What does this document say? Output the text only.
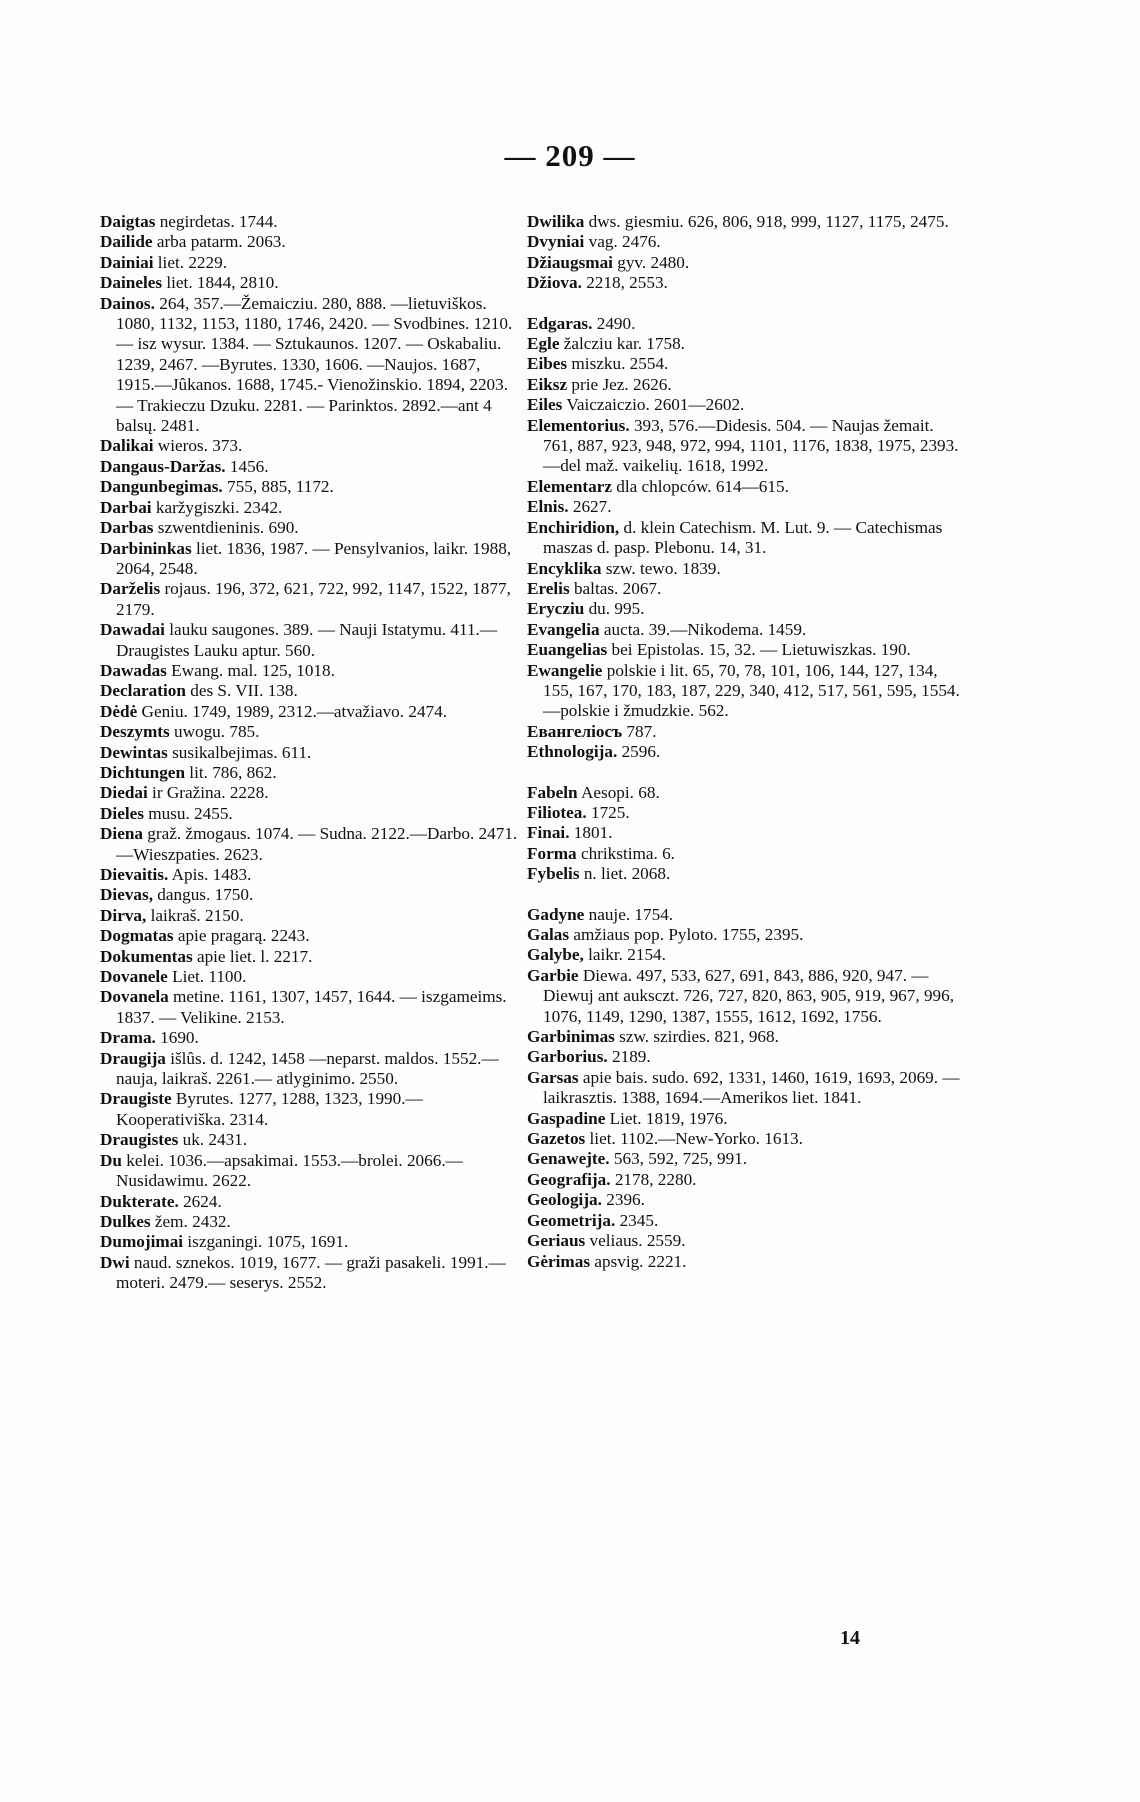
— 209 —

Daigtas negirdetas. 1744.

Dailide arba patarm. 2063.

Dainiai liet. 2229.

Daineles liet. 1844, 2810.

Dainos. 264, 357.—Žemaicziu. 280, 888. —lietuviškos. 1080, 1132, 1153, 1180, 1746, 2420. — Svodbines. 1210. — isz wysur. 1384. — Sztukaunos. 1207. — Oskabaliu. 1239, 2467. —Byrutes. 1330, 1606. —Naujos. 1687, 1915.—Jûkanos. 1688, 1745.- Vienožinskio. 1894, 2203. — Trakieczu Dzuku. 2281. — Parinktos. 2892.—ant 4 balsų. 2481.

Dalikai wieros. 373.

Dangaus-Daržas. 1456.

Dangunbegimas. 755, 885, 1172.

Darbai karžygiszki. 2342.

Darbas szwentdieninis. 690.

Darbininkas liet. 1836, 1987. — Pensylvanios, laikr. 1988, 2064, 2548.

Darželis rojaus. 196, 372, 621, 722, 992, 1147, 1522, 1877, 2179.

Dawadai lauku saugones. 389. — Nauji Istatymu. 411.—Draugistes Lauku aptur. 560.

Dawadas Ewang. mal. 125, 1018.

Declaration des S. VII. 138.

Dėdė Geniu. 1749, 1989, 2312.—atvažiavo. 2474.

Deszymts uwogu. 785.

Dewintas susikalbejimas. 611.

Dichtungen lit. 786, 862.

Diedai ir Gražina. 2228.

Dieles musu. 2455.

Diena graž. žmogaus. 1074. — Sudna. 2122.—Darbo. 2471.—Wieszpaties. 2623.

Dievaitis. Apis. 1483.

Dievas, dangus. 1750.

Dirva, laikraš. 2150.

Dogmatas apie pragarą. 2243.

Dokumentas apie liet. l. 2217.

Dovanele Liet. 1100.

Dovanela metine. 1161, 1307, 1457, 1644. — iszgameims. 1837. — Velikine. 2153.

Drama. 1690.

Draugija išlûs. d. 1242, 1458 —neparst. maldos. 1552.—nauja, laikraš. 2261.— atlyginimo. 2550.

Draugiste Byrutes. 1277, 1288, 1323, 1990.—Kooperativiška. 2314.

Draugistes uk. 2431.

Du kelei. 1036.—apsakimai. 1553.—brolei. 2066.—Nusidawimu. 2622.

Dukterate. 2624.

Dulkes žem. 2432.

Dumojimai iszganingi. 1075, 1691.

Dwi naud. sznekos. 1019, 1677. — graži pasakeli. 1991.— moteri. 2479.— seserys. 2552.

Dwilika dws. giesmiu. 626, 806, 918, 999, 1127, 1175, 2475.

Dvyniai vag. 2476.

Džiaugsmai gyv. 2480.

Džiova. 2218, 2553.

Edgaras. 2490.

Egle žalcziu kar. 1758.

Eibes miszku. 2554.

Eiksz prie Jez. 2626.

Eiles Vaiczaiczio. 2601—2602.

Elementorius. 393, 576.—Didesis. 504. — Naujas žemait. 761, 887, 923, 948, 972, 994, 1101, 1176, 1838, 1975, 2393.—del maž. vaikelių. 1618, 1992.

Elementarz dla chlopców. 614—615.

Elnis. 2627.

Enchiridion, d. klein Catechism. M. Lut. 9. — Catechismas maszas d. pasp. Plebonu. 14, 31.

Encyklika szw. tewo. 1839.

Erelis baltas. 2067.

Erycziu du. 995.

Evangelia aucta. 39.—Nikodema. 1459.

Euangelias bei Epistolas. 15, 32. — Lietuwiszkas. 190.

Ewangelie polskie i lit. 65, 70, 78, 101, 106, 144, 127, 134, 155, 167, 170, 183, 187, 229, 340, 412, 517, 561, 595, 1554.—polskie i žmudzkie. 562.

Евангелiосъ 787.

Ethnologija. 2596.

Fabeln Aesopi. 68.

Filiotea. 1725.

Finai. 1801.

Forma chrikstima. 6.

Fybelis n. liet. 2068.

Gadyne nauje. 1754.

Galas amžiaus pop. Pyloto. 1755, 2395.

Galybe, laikr. 2154.

Garbie Diewa. 497, 533, 627, 691, 843, 886, 920, 947. — Diewuj ant auksczt. 726, 727, 820, 863, 905, 919, 967, 996, 1076, 1149, 1290, 1387, 1555, 1612, 1692, 1756.

Garbinimas szw. szirdies. 821, 968.

Garborius. 2189.

Garsas apie bais. sudo. 692, 1331, 1460, 1619, 1693, 2069. — laikrasztis. 1388, 1694.—Amerikos liet. 1841.

Gaspadine Liet. 1819, 1976.

Gazetos liet. 1102.—New-Yorko. 1613.

Genawejte. 563, 592, 725, 991.

Geografija. 2178, 2280.

Geologija. 2396.

Geometrija. 2345.

Geriaus veliaus. 2559.

Gėrimas apsvig. 2221.

14
